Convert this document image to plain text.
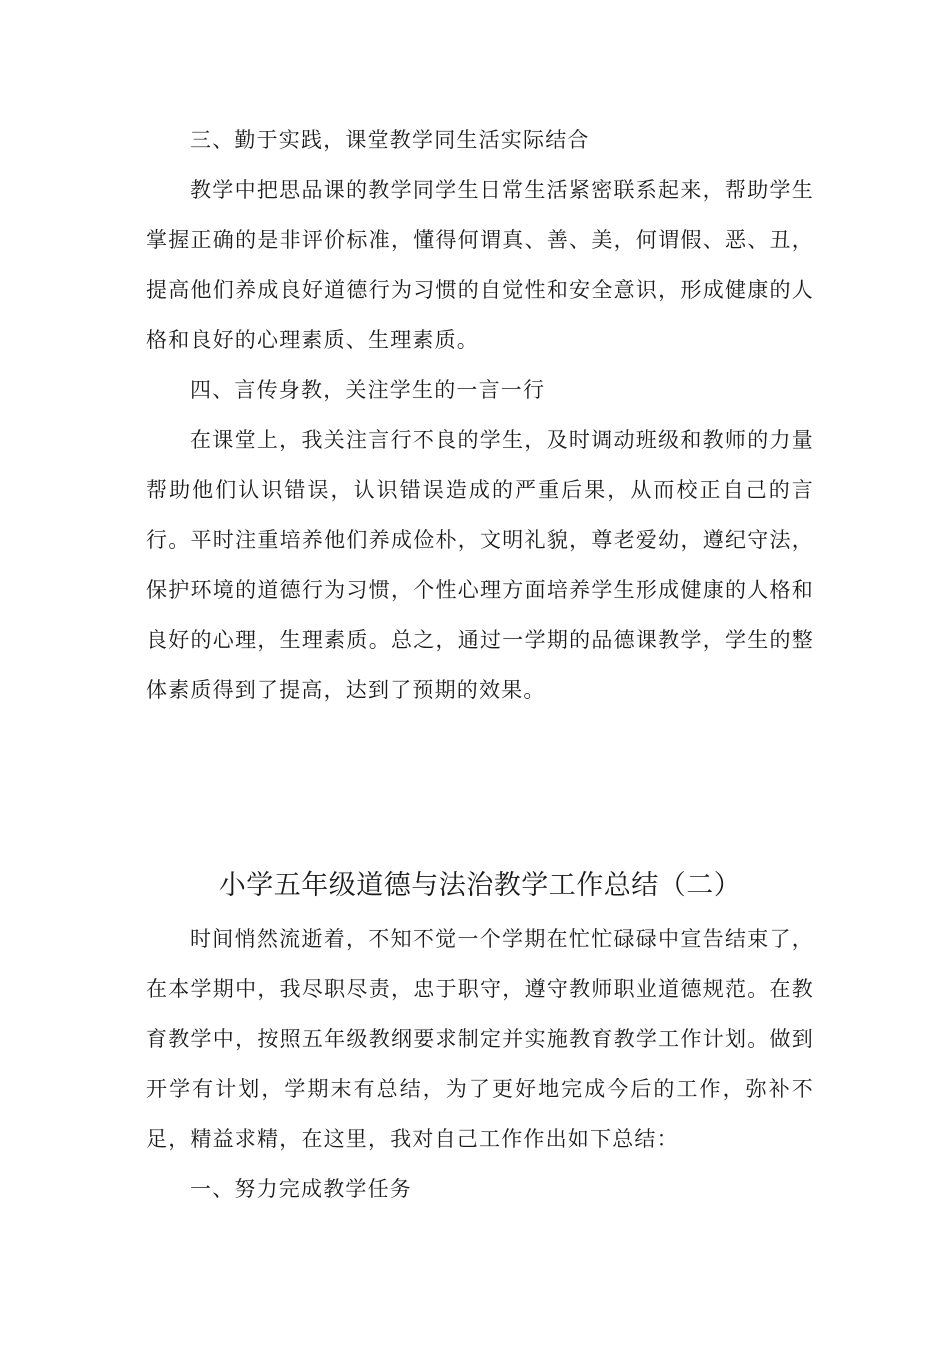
三、勤于实践，课堂教学同生活实际结合

教学中把思品课的教学同学生日常生活紧密联系起来，帮助学生掌握正确的是非评价标准，懂得何谓真、善、美，何谓假、恶、丑，提高他们养成良好道德行为习惯的自觉性和安全意识，形成健康的人格和良好的心理素质、生理素质。

四、言传身教，关注学生的一言一行

在课堂上，我关注言行不良的学生，及时调动班级和教师的力量帮助他们认识错误，认识错误造成的严重后果，从而校正自己的言行。平时注重培养他们养成俭朴，文明礼貌，尊老爱幼，遵纪守法，保护环境的道德行为习惯，个性心理方面培养学生形成健康的人格和良好的心理，生理素质。总之，通过一学期的品德课教学，学生的整体素质得到了提高，达到了预期的效果。

小学五年级道德与法治教学工作总结（二）

时间悄然流逝着，不知不觉一个学期在忙忙碌碌中宣告结束了，在本学期中，我尽职尽责，忠于职守，遵守教师职业道德规范。在教育教学中，按照五年级教纲要求制定并实施教育教学工作计划。做到开学有计划，学期末有总结，为了更好地完成今后的工作，弥补不足，精益求精，在这里，我对自己工作作出如下总结：

一、努力完成教学任务
